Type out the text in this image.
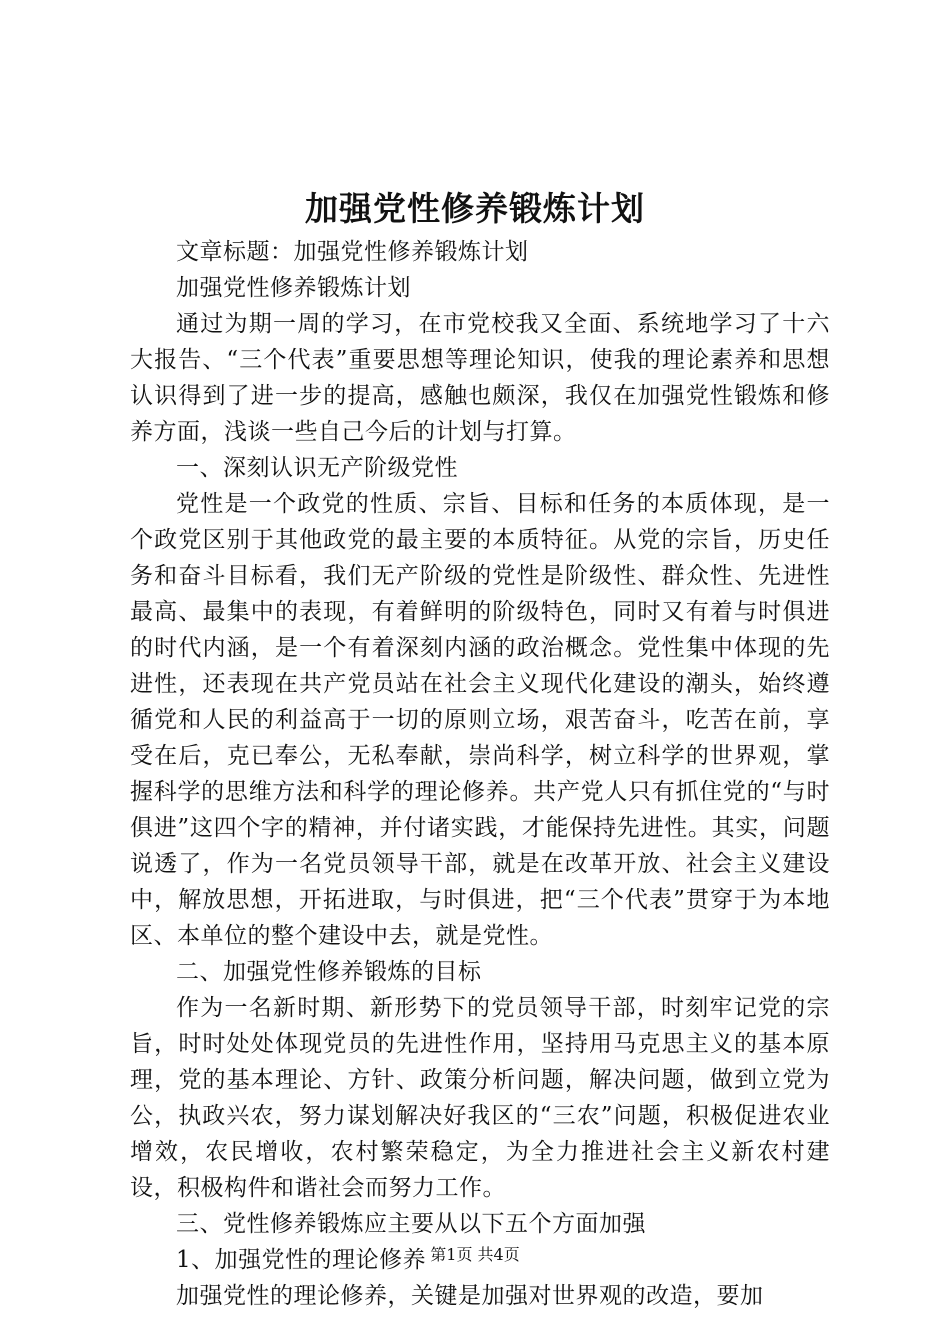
加强党性修养锻炼计划

文章标题：加强党性修养锻炼计划

加强党性修养锻炼计划

通过为期一周的学习，在市党校我又全面、系统地学习了十六大报告、“三个代表”重要思想等理论知识，使我的理论素养和思想认识得到了进一步的提高，感触也颇深，我仅在加强党性锻炼和修养方面，浅谈一些自己今后的计划与打算。

一、深刻认识无产阶级党性

党性是一个政党的性质、宗旨、目标和任务的本质体现，是一个政党区别于其他政党的最主要的本质特征。从党的宗旨，历史任务和奋斗目标看，我们无产阶级的党性是阶级性、群众性、先进性最高、最集中的表现，有着鲜明的阶级特色，同时又有着与时俱进的时代内涵，是一个有着深刻内涵的政治概念。党性集中体现的先进性，还表现在共产党员站在社会主义现代化建设的潮头，始终遵循党和人民的利益高于一切的原则立场，艰苦奋斗，吃苦在前，享受在后，克已奉公，无私奉献，崇尚科学，树立科学的世界观，掌握科学的思维方法和科学的理论修养。共产党人只有抓住党的“与时俱进”这四个字的精神，并付诸实践，才能保持先进性。其实，问题说透了，作为一名党员领导干部，就是在改革开放、社会主义建设中，解放思想，开拓进取，与时俱进，把“三个代表”贯穿于为本地区、本单位的整个建设中去，就是党性。

二、加强党性修养锻炼的目标

作为一名新时期、新形势下的党员领导干部，时刻牢记党的宗旨，时时处处体现党员的先进性作用，坚持用马克思主义的基本原理，党的基本理论、方针、政策分析问题，解决问题，做到立党为公，执政兴农，努力谋划解决好我区的“三农”问题，积极促进农业增效，农民增收，农村繁荣稳定，为全力推进社会主义新农村建设，积极构件和谐社会而努力工作。

三、党性修养锻炼应主要从以下五个方面加强

1、加强党性的理论修养

加强党性的理论修养，关键是加强对世界观的改造，要加

第1页 共4页
